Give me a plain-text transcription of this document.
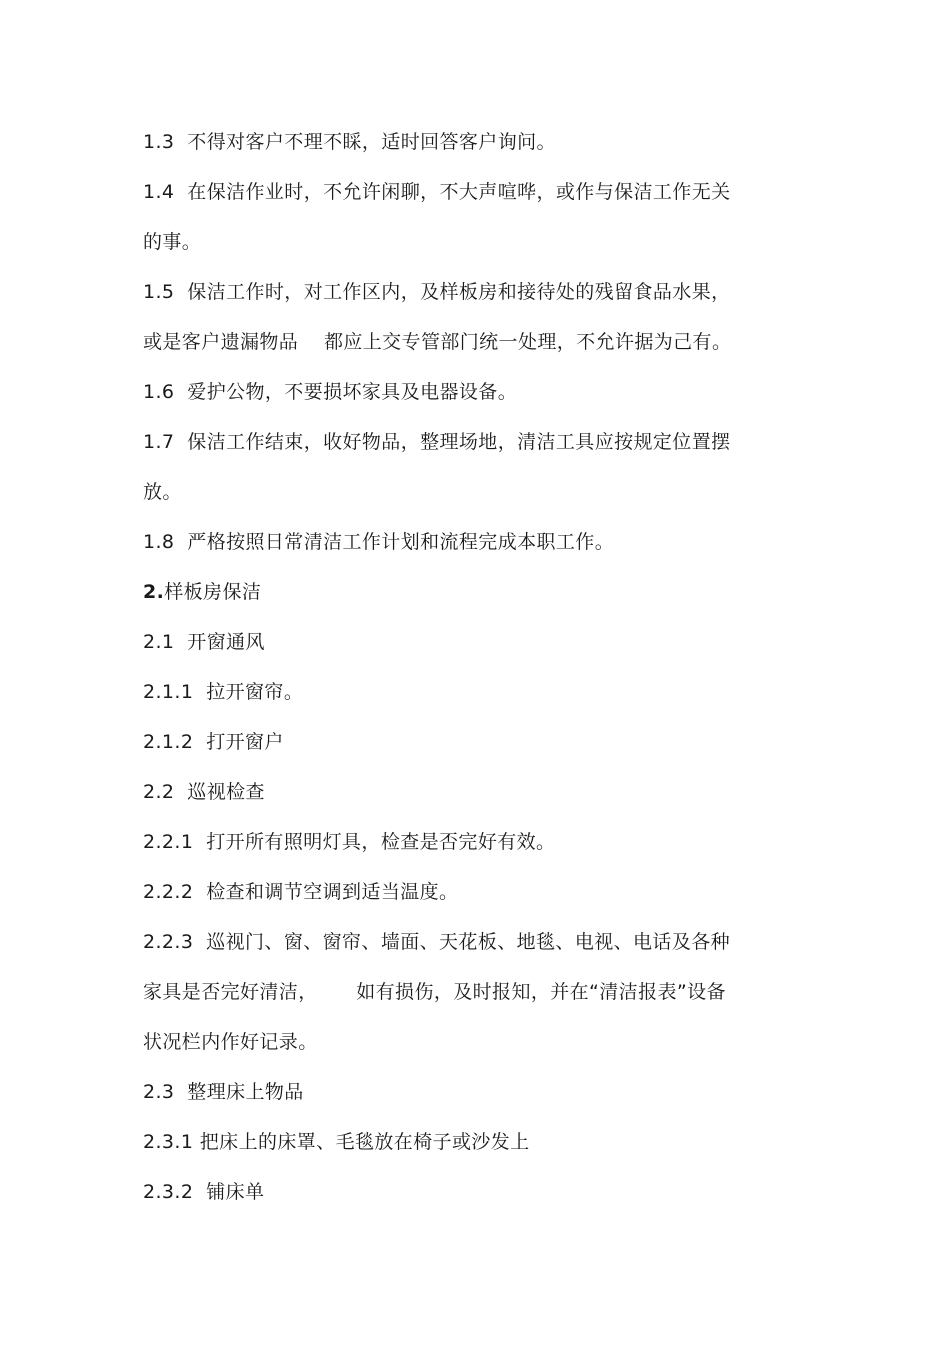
1.3  不得对客户不理不睬，适时回答客户询问。
1.4  在保洁作业时，不允许闲聊，不大声喧哗，或作与保洁工作无关
的事。
1.5  保洁工作时，对工作区内，及样板房和接待处的残留食品水果，
或是客户遗漏物品    都应上交专管部门统一处理，不允许据为己有。
1.6  爱护公物，不要损坏家具及电器设备。
1.7  保洁工作结束，收好物品，整理场地，清洁工具应按规定位置摆
放。
1.8  严格按照日常清洁工作计划和流程完成本职工作。
2.样板房保洁
2.1  开窗通风
2.1.1  拉开窗帘。
2.1.2  打开窗户
2.2  巡视检查
2.2.1  打开所有照明灯具，检查是否完好有效。
2.2.2  检查和调节空调到适当温度。
2.2.3  巡视门、窗、窗帘、墙面、天花板、地毯、电视、电话及各种
家具是否完好清洁，      如有损伤，及时报知，并在“清洁报表”设备
状况栏内作好记录。
2.3  整理床上物品
2.3.1 把床上的床罩、毛毯放在椅子或沙发上
2.3.2  铺床单
